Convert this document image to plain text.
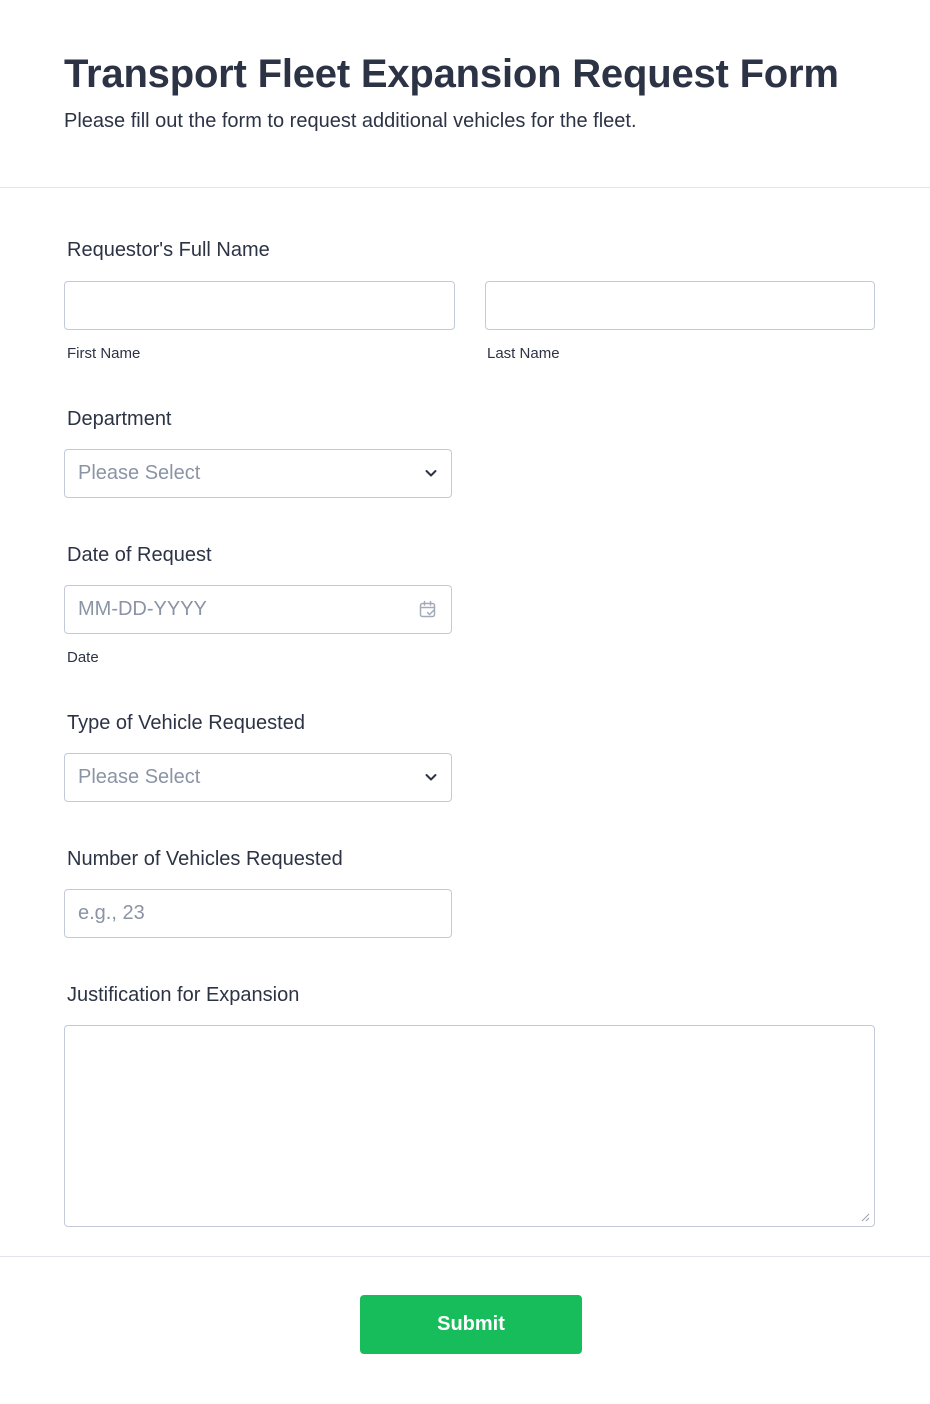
Transport Fleet Expansion Request Form

Please fill out the form to request additional vehicles for the fleet.

Requestor's Full Name
First Name	Last Name
Department
Please Select
Date of Request
MM-DD-YYYY
Date
Type of Vehicle Requested
Please Select
Number of Vehicles Requested
e.g., 23
Justification for Expansion
Submit
